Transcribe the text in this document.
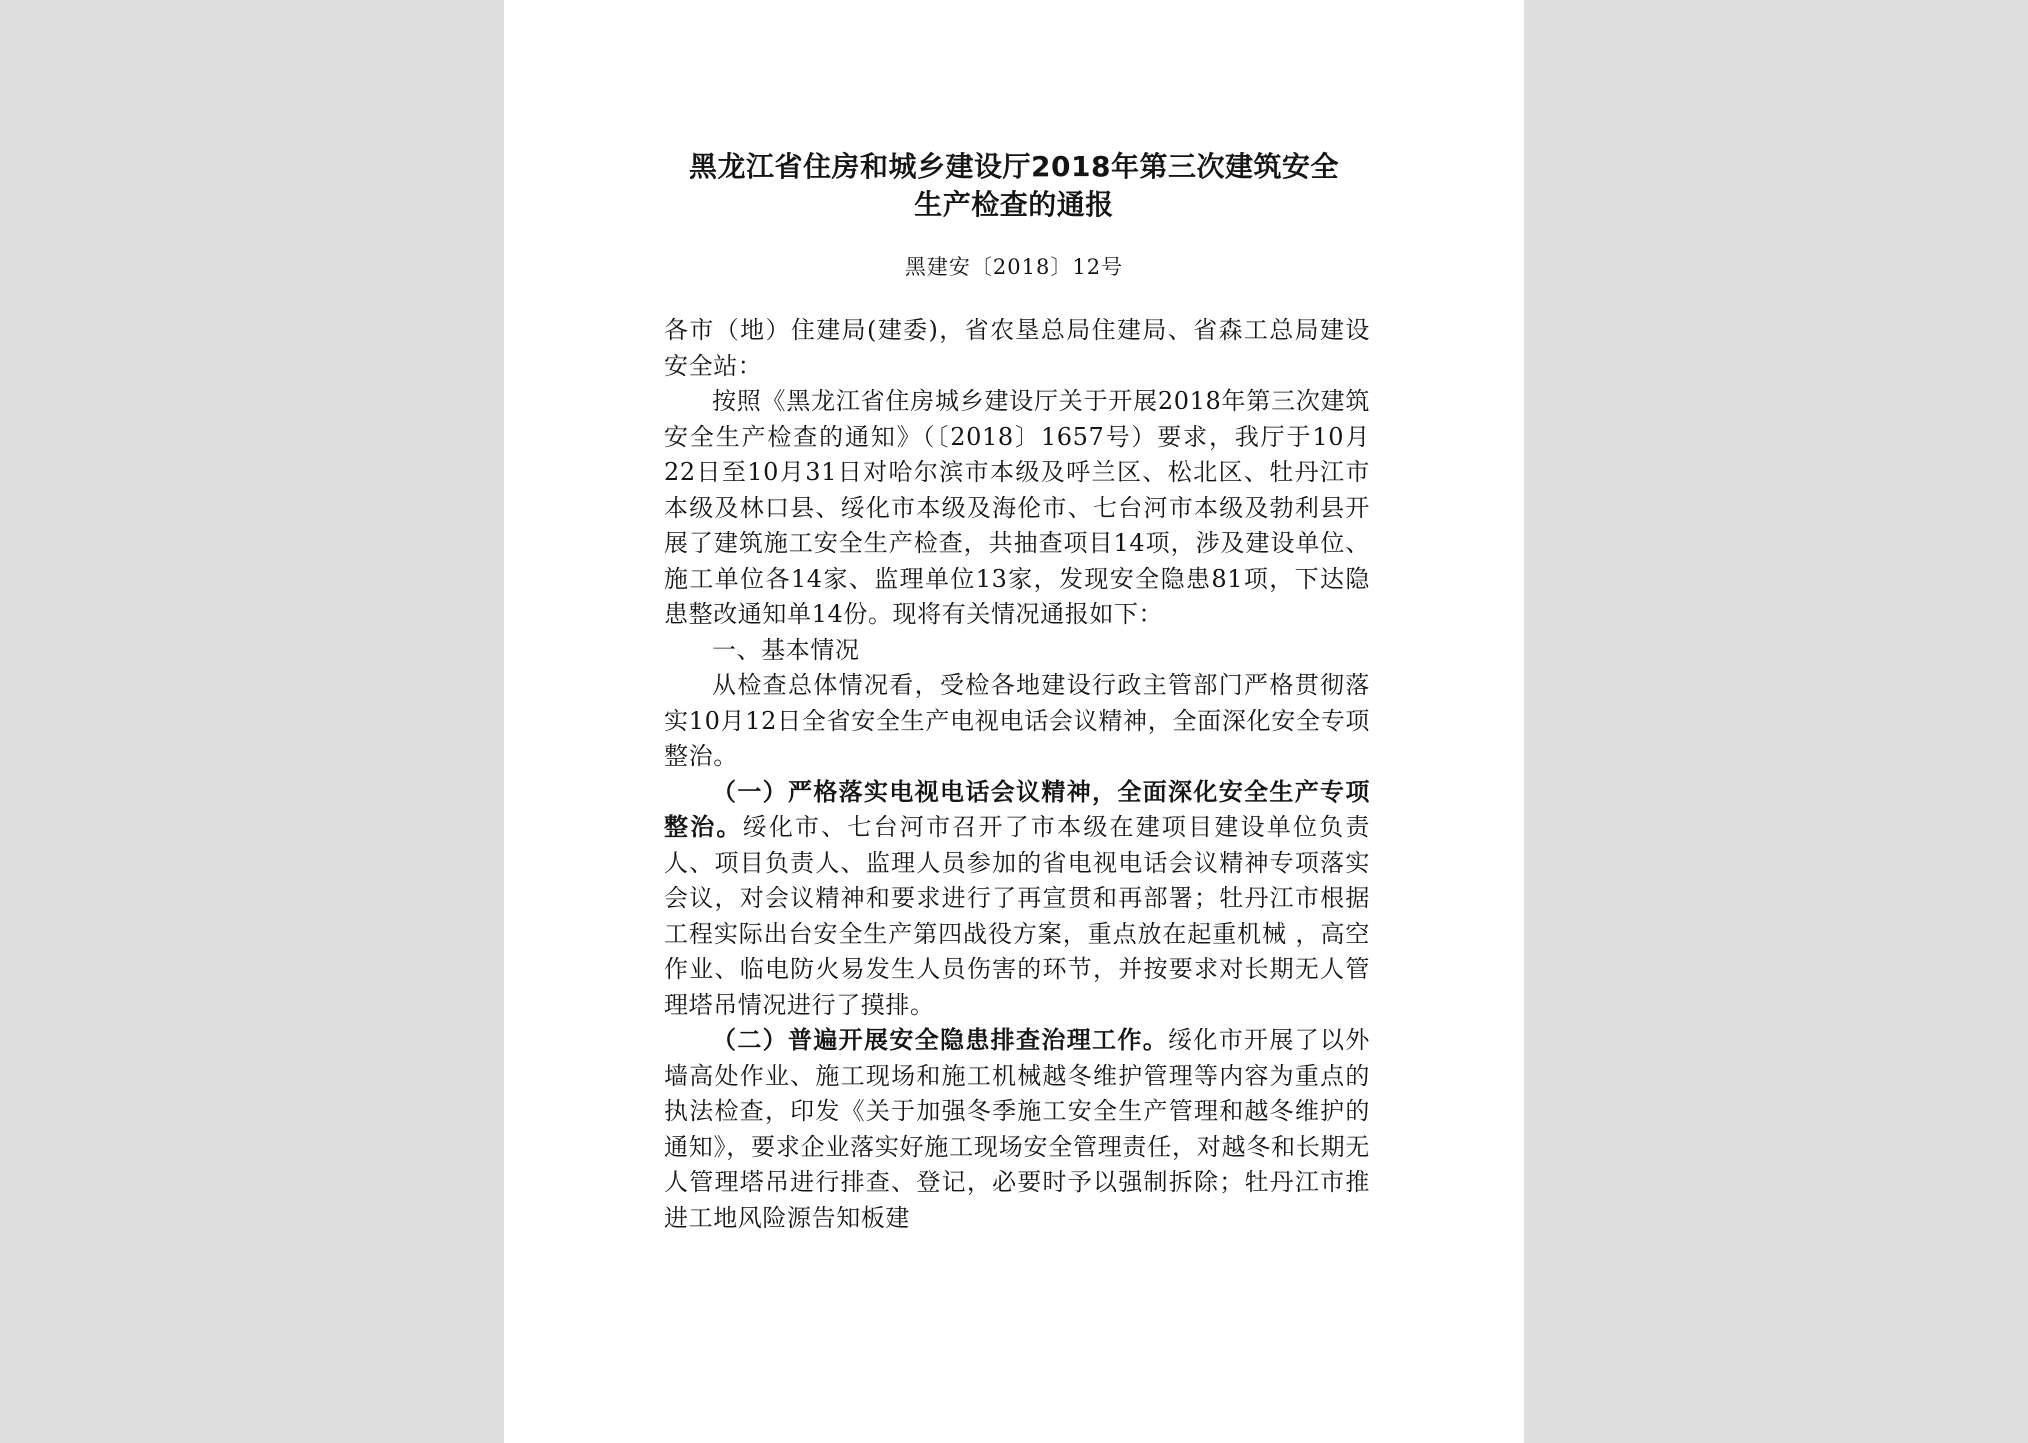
黑龙江省住房和城乡建设厅2018年第三次建筑安全
生产检查的通报
黑建安〔2018〕12号

各市（地）住建局(建委)，省农垦总局住建局、省森工总局建设安全站：

按照《黑龙江省住房城乡建设厅关于开展2018年第三次建筑安全生产检查的通知》（〔2018〕1657号）要求，我厅于10月22日至10月31日对哈尔滨市本级及呼兰区、松北区、牡丹江市本级及林口县、绥化市本级及海伦市、七台河市本级及勃利县开展了建筑施工安全生产检查，共抽查项目14项，涉及建设单位、施工单位各14家、监理单位13家，发现安全隐患81项，下达隐患整改通知单14份。现将有关情况通报如下：

一、基本情况

从检查总体情况看，受检各地建设行政主管部门严格贯彻落实10月12日全省安全生产电视电话会议精神，全面深化安全专项整治。

（一）严格落实电视电话会议精神，全面深化安全生产专项整治。绥化市、七台河市召开了市本级在建项目建设单位负责人、项目负责人、监理人员参加的省电视电话会议精神专项落实会议，对会议精神和要求进行了再宣贯和再部署；牡丹江市根据工程实际出台安全生产第四战役方案，重点放在起重机械 ，高空作业、临电防火易发生人员伤害的环节，并按要求对长期无人管理塔吊情况进行了摸排。

（二）普遍开展安全隐患排查治理工作。绥化市开展了以外墙高处作业、施工现场和施工机械越冬维护管理等内容为重点的执法检查，印发《关于加强冬季施工安全生产管理和越冬维护的通知》，要求企业落实好施工现场安全管理责任，对越冬和长期无人管理塔吊进行排查、登记，必要时予以强制拆除；牡丹江市推进工地风险源告知板建
